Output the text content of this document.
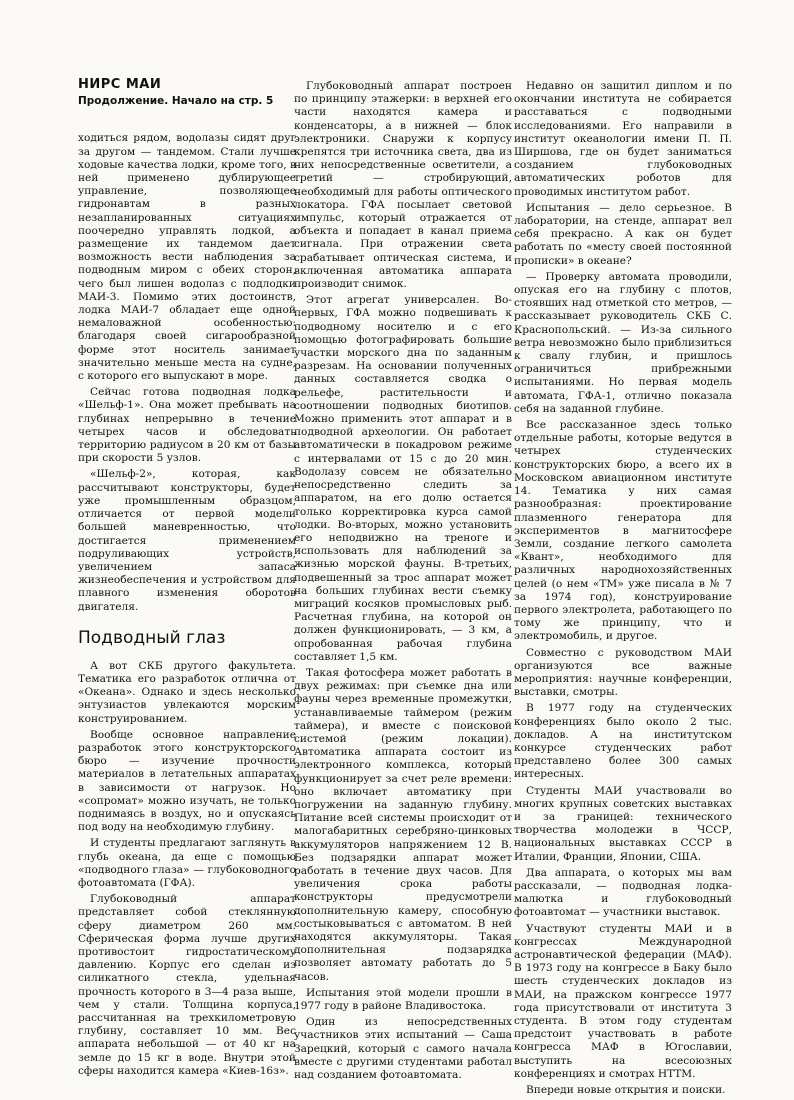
НИРС МАИ
Продолжение. Начало на стр. 5

ходиться рядом, водолазы сидят друг за другом — тандемом. Стали лучше ходовые качества лодки, кроме того, в ней применено дублирующее управление, позволяющее гидронавтам в разных незапланированных ситуациях поочередно управлять лодкой, а размещение их тандемом дает возможность вести наблюдения за подводным миром с обеих сторон, чего был лишен водолаз с подлодки МАИ-3. Помимо этих достоинств, лодка МАИ-7 обладает еще одной немаловажной особенностью: благодаря своей сигарообразной форме этот носитель занимает значительно меньше места на судне, с которого его выпускают в море.

Сейчас готова подводная лодка «Шельф-1». Она может пребывать на глубинах непрерывно в течение четырех часов и обследовать территорию радиусом в 20 км от базы при скорости 5 узлов.

«Шельф-2», которая, как рассчитывают конструкторы, будет уже промышленным образцом, отличается от первой модели большей маневренностью, что достигается применением подруливающих устройств, увеличением запаса жизнеобеспечения и устройством для плавного изменения оборотов двигателя.

Подводный глаз

А вот СКБ другого факультета. Тематика его разработок отлична от «Океана». Однако и здесь несколько энтузиастов увлекаются морским конструированием.

Вообще основное направление разработок этого конструкторского бюро — изучение прочности материалов в летательных аппаратах в зависимости от нагрузок. Но «сопромат» можно изучать, не только поднимаясь в воздух, но и опускаясь под воду на необходимую глубину.

И студенты предлагают заглянуть в глубь океана, да еще с помощью «подводного глаза» — глубоководного фотоавтомата (ГФА).

Глубоководный аппарат представляет собой стеклянную сферу диаметром 260 мм. Сферическая форма лучше других противостоит гидростатическому давлению. Корпус его сделан из силикатного стекла, удельная прочность которого в 3—4 раза выше, чем у стали. Толщина корпуса, рассчитанная на трехкилометровую глубину, составляет 10 мм. Вес аппарата небольшой — от 40 кг на земле до 15 кг в воде. Внутри этой сферы находится камера «Киев-16з».

Глубоководный аппарат построен по принципу этажерки: в верхней его части находятся камера и конденсаторы, а в нижней — блок электроники. Снаружи к корпусу крепятся три источника света, два из них непосредственные осветители, а третий — стробирующий, необходимый для работы оптического локатора. ГФА посылает световой импульс, который отражается от объекта и попадает в канал приема сигнала. При отражении света срабатывает оптическая система, и включенная автоматика аппарата производит снимок.

Этот агрегат универсален. Во-первых, ГФА можно подвешивать к подводному носителю и с его помощью фотографировать большие участки морского дна по заданным разрезам. На основании полученных данных составляется сводка о рельефе, растительности и соотношении подводных биотипов. Можно применить этот аппарат и в подводной археологии. Он работает автоматически в покадровом режиме с интервалами от 15 с до 20 мин. Водолазу совсем не обязательно непосредственно следить за аппаратом, на его долю остается только корректировка курса самой лодки. Во-вторых, можно установить его неподвижно на треноге и использовать для наблюдений за жизнью морской фауны. В-третьих, подвешенный за трос аппарат может на больших глубинах вести съемку миграций косяков промысловых рыб. Расчетная глубина, на которой он должен функционировать, — 3 км, а опробованная рабочая глубина составляет 1,5 км.

Такая фотосфера может работать в двух режимах: при съемке дна или фауны через временные промежутки, устанавливаемые таймером (режим таймера), и вместе с поисковой системой (режим локации). Автоматика аппарата состоит из электронного комплекса, который функционирует за счет реле времени: оно включает автоматику при погружении на заданную глубину. Питание всей системы происходит от малогабаритных серебряно-цинковых аккумуляторов напряжением 12 В. Без подзарядки аппарат может работать в течение двух часов. Для увеличения срока работы конструкторы предусмотрели дополнительную камеру, способную состыковываться с автоматом. В ней находятся аккумуляторы. Такая дополнительная подзарядка позволяет автомату работать до 5 часов.

Испытания этой модели прошли в 1977 году в районе Владивостока.

Один из непосредственных участников этих испытаний — Саша Зарецкий, который с самого начала вместе с другими студентами работал над созданием фотоавтомата.

Недавно он защитил диплом и по окончании института не собирается расставаться с подводными исследованиями. Его направили в институт океанологии имени П. П. Ширшова, где он будет заниматься созданием глубоководных автоматических роботов для проводимых институтом работ.

Испытания — дело серьезное. В лаборатории, на стенде, аппарат вел себя прекрасно. А как он будет работать по «месту своей постоянной прописки» в океане?

— Проверку автомата проводили, опуская его на глубину с плотов, стоявших над отметкой сто метров, — рассказывает руководитель СКБ С. Краснопольский. — Из-за сильного ветра невозможно было приблизиться к свалу глубин, и пришлось ограничиться прибрежными испытаниями. Но первая модель автомата, ГФА-1, отлично показала себя на заданной глубине.

Все рассказанное здесь только отдельные работы, которые ведутся в четырех студенческих конструкторских бюро, а всего их в Московском авиационном институте 14. Тематика у них самая разнообразная: проектирование плазменного генератора для экспериментов в магнитосфере Земли, создание легкого самолета «Квант», необходимого для различных народнохозяйственных целей (о нем «ТМ» уже писала в № 7 за 1974 год), конструирование первого электролета, работающего по тому же принципу, что и электромобиль, и другое.

Совместно с руководством МАИ организуются все важные мероприятия: научные конференции, выставки, смотры.

В 1977 году на студенческих конференциях было около 2 тыс. докладов. А на институтском конкурсе студенческих работ представлено более 300 самых интересных.

Студенты МАИ участвовали во многих крупных советских выставках и за границей: технического творчества молодежи в ЧССР, национальных выставках СССР в Италии, Франции, Японии, США.

Два аппарата, о которых мы вам рассказали, — подводная лодка-малютка и глубоководный фотоавтомат — участники выставок.

Участвуют студенты МАИ и в конгрессах Международной астронавтической федерации (МАФ). В 1973 году на конгрессе в Баку было шесть студенческих докладов из МАИ, на пражском конгрессе 1977 года присутствовали от института 3 студента. В этом году студентам предстоит участвовать в работе конгресса МАФ в Югославии, выступить на всесоюзных конференциях и смотрах НТТМ.

Впереди новые открытия и поиски.
